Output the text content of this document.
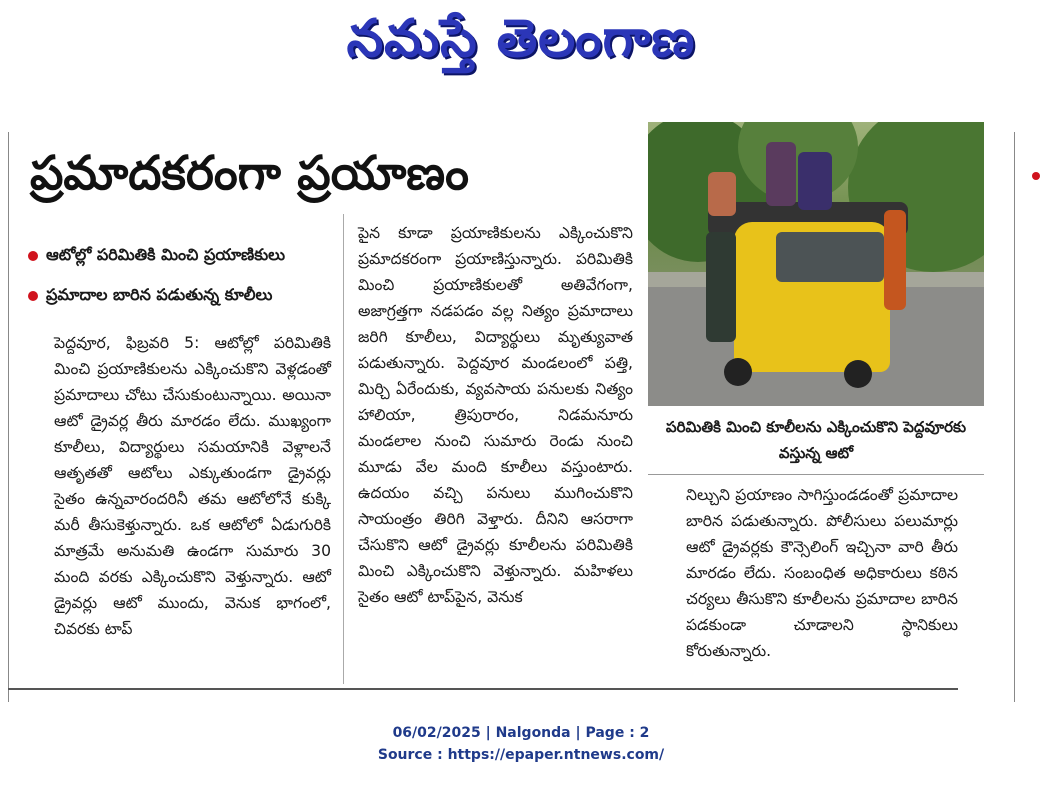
నమస్తే తెలంగాణ
ప్రమాదకరంగా ప్రయాణం
ఆటోల్లో పరిమితికి మించి ప్రయాణికులు
ప్రమాదాల బారిన పడుతున్న కూలీలు

పెద్దవూర, ఫిబ్రవరి 5: ఆటోల్లో పరిమితికి మించి ప్రయాణికులను ఎక్కించుకొని వెళ్లడంతో ప్రమాదాలు చోటు చేసుకుంటున్నాయి. అయినా ఆటో డ్రైవర్ల తీరు మారడం లేదు. ముఖ్యంగా కూలీలు, విద్యార్థులు సమయానికి వెళ్లాలనే ఆతృతతో ఆటోలు ఎక్కుతుండగా డ్రైవర్లు సైతం ఉన్నవారందరినీ తమ ఆటోలోనే కుక్కి మరీ తీసుకెళ్తున్నారు. ఒక ఆటోలో ఏడుగురికి మాత్రమే అనుమతి ఉండగా సుమారు 30 మంది వరకు ఎక్కించుకొని వెళ్తున్నారు. ఆటో డ్రైవర్లు ఆటో ముందు, వెనుక భాగంలో, చివరకు టాప్

పైన కూడా ప్రయాణికులను ఎక్కించుకొని ప్రమాదకరంగా ప్రయాణిస్తున్నారు. పరిమితికి మించి ప్రయాణికులతో అతివేగంగా, అజాగ్రత్తగా నడపడం వల్ల నిత్యం ప్రమాదాలు జరిగి కూలీలు, విద్యార్థులు మృత్యువాత పడుతున్నారు. పెద్దవూర మండలంలో పత్తి, మిర్చి ఏరేందుకు, వ్యవసాయ పనులకు నిత్యం హాలియా, త్రిపురారం, నిడమనూరు మండలాల నుంచి సుమారు రెండు నుంచి మూడు వేల మంది కూలీలు వస్తుంటారు. ఉదయం వచ్చి పనులు ముగించుకొని సాయంత్రం తిరిగి వెళ్తారు. దీనిని ఆసరాగా చేసుకొని ఆటో డ్రైవర్లు కూలీలను పరిమితికి మించి ఎక్కించుకొని వెళ్తున్నారు. మహిళలు సైతం ఆటో టాప్‌పైన, వెనుక

పరిమితికి మించి కూలీలను ఎక్కించుకొని పెద్దవూరకు వస్తున్న ఆటో

నిల్చుని ప్రయాణం సాగిస్తుండడంతో ప్రమాదాల బారిన పడుతున్నారు. పోలీసులు పలుమార్లు ఆటో డ్రైవర్లకు కౌన్సెలింగ్ ఇచ్చినా వారి తీరు మారడం లేదు. సంబంధిత అధికారులు కఠిన చర్యలు తీసుకొని కూలీలను ప్రమాదాల బారిన పడకుండా చూడాలని స్థానికులు కోరుతున్నారు.

06/02/2025 | Nalgonda | Page : 2
Source : https://epaper.ntnews.com/
